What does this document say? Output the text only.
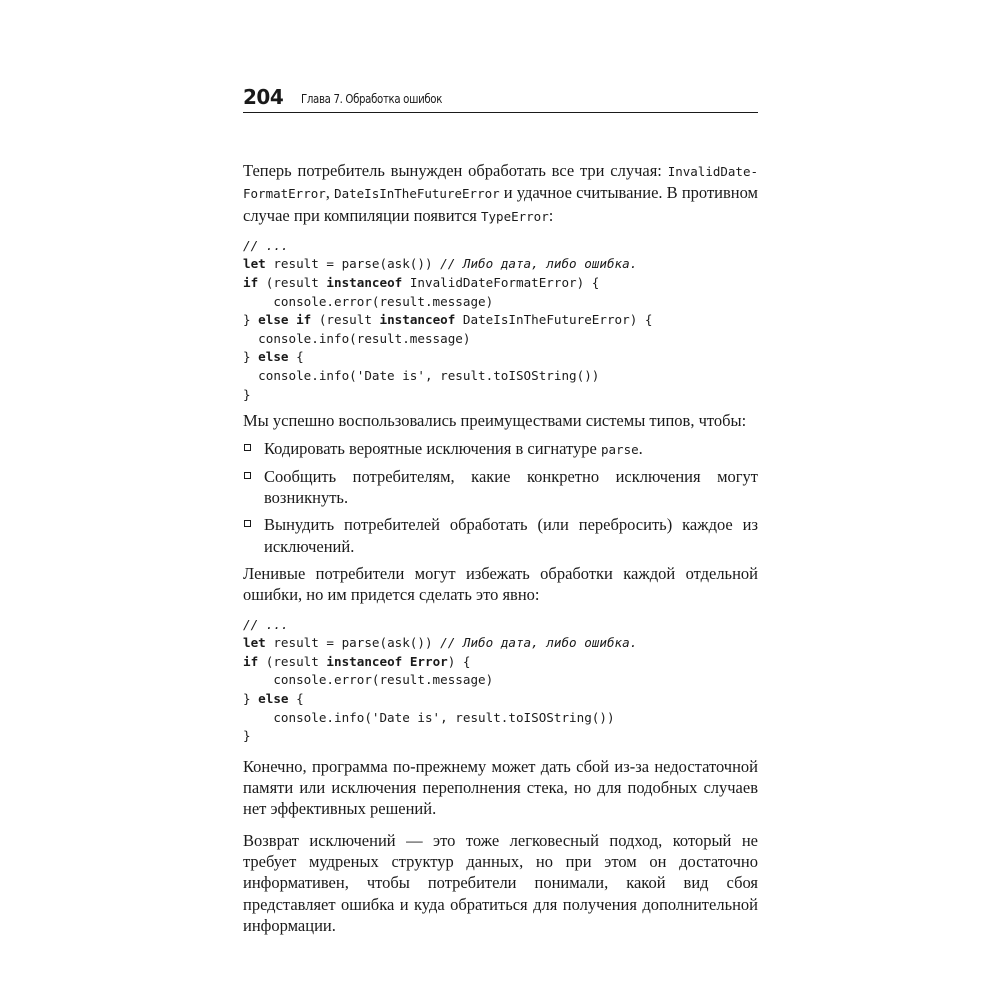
204 Глава 7. Обработка ошибок

Теперь потребитель вынужден обработать все три случая: InvalidDate-FormatError, DateIsInTheFutureError и удачное считывание. В противном случае при компиляции появится TypeError:

// ...
let result = parse(ask()) // Либо дата, либо ошибка.
if (result instanceof InvalidDateFormatError) {
console.error(result.message)
} else if (result instanceof DateIsInTheFutureError) {
console.info(result.message)
} else {
console.info('Date is', result.toISOString())
}

Мы успешно воспользовались преимуществами системы типов, чтобы:

Кодировать вероятные исключения в сигнатуре parse.
Сообщить потребителям, какие конкретно исключения могут возникнуть.
Вынудить потребителей обработать (или перебросить) каждое из исключений.

Ленивые потребители могут избежать обработки каждой отдельной ошибки, но им придется сделать это явно:

// ...
let result = parse(ask()) // Либо дата, либо ошибка.
if (result instanceof Error) {
console.error(result.message)
} else {
console.info('Date is', result.toISOString())
}

Конечно, программа по-прежнему может дать сбой из-за недостаточной памяти или исключения переполнения стека, но для подобных случаев нет эффективных решений.

Возврат исключений — это тоже легковесный подход, который не требует мудреных структур данных, но при этом он достаточно информативен, чтобы потребители понимали, какой вид сбоя представляет ошибка и куда обратиться для получения дополнительной информации.
